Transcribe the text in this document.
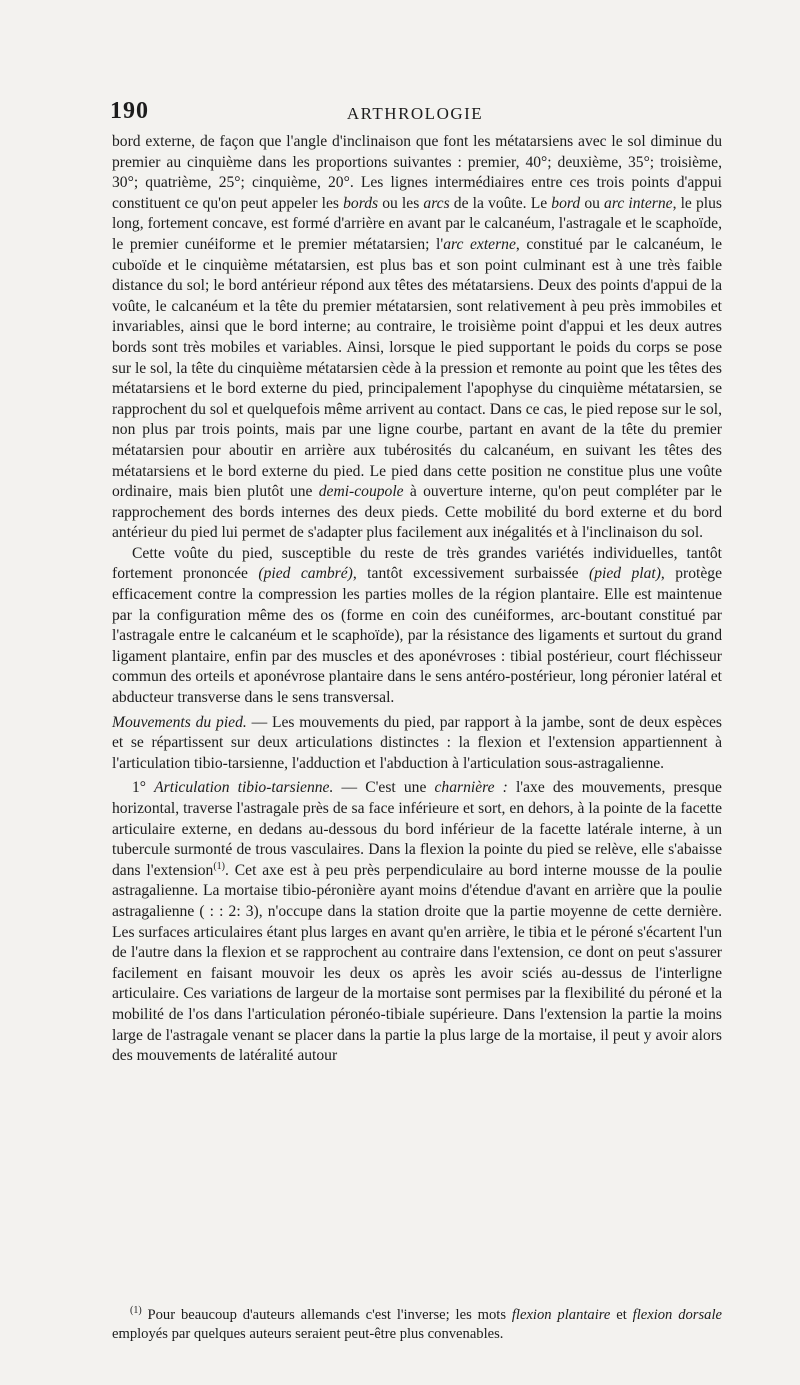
190	ARTHROLOGIE

bord externe, de façon que l'angle d'inclinaison que font les métatarsiens avec le sol diminue du premier au cinquième dans les proportions suivantes : premier, 40°; deuxième, 35°; troisième, 30°; quatrième, 25°; cinquième, 20°. Les lignes intermédiaires entre ces trois points d'appui constituent ce qu'on peut appeler les bords ou les arcs de la voûte. Le bord ou arc interne, le plus long, fortement concave, est formé d'arrière en avant par le calcanéum, l'astragale et le scaphoïde, le premier cunéiforme et le premier métatarsien; l'arc externe, constitué par le calcanéum, le cuboïde et le cinquième métatarsien, est plus bas et son point culminant est à une très faible distance du sol; le bord antérieur répond aux têtes des métatarsiens. Deux des points d'appui de la voûte, le calcanéum et la tête du premier métatarsien, sont relativement à peu près immobiles et invariables, ainsi que le bord interne; au contraire, le troisième point d'appui et les deux autres bords sont très mobiles et variables. Ainsi, lorsque le pied supportant le poids du corps se pose sur le sol, la tête du cinquième métatarsien cède à la pression et remonte au point que les têtes des métatarsiens et le bord externe du pied, principalement l'apophyse du cinquième métatarsien, se rapprochent du sol et quelquefois même arrivent au contact. Dans ce cas, le pied repose sur le sol, non plus par trois points, mais par une ligne courbe, partant en avant de la tête du premier métatarsien pour aboutir en arrière aux tubérosités du calcanéum, en suivant les têtes des métatarsiens et le bord externe du pied. Le pied dans cette position ne constitue plus une voûte ordinaire, mais bien plutôt une demi-coupole à ouverture interne, qu'on peut compléter par le rapprochement des bords internes des deux pieds. Cette mobilité du bord externe et du bord antérieur du pied lui permet de s'adapter plus facilement aux inégalités et à l'inclinaison du sol.

Cette voûte du pied, susceptible du reste de très grandes variétés individuelles, tantôt fortement prononcée (pied cambré), tantôt excessivement surbaissée (pied plat), protège efficacement contre la compression les parties molles de la région plantaire. Elle est maintenue par la configuration même des os (forme en coin des cunéiformes, arc-boutant constitué par l'astragale entre le calcanéum et le scaphoïde), par la résistance des ligaments et surtout du grand ligament plantaire, enfin par des muscles et des aponévroses : tibial postérieur, court fléchisseur commun des orteils et aponévrose plantaire dans le sens antéro-postérieur, long péronier latéral et abducteur transverse dans le sens transversal.

Mouvements du pied. — Les mouvements du pied, par rapport à la jambe, sont de deux espèces et se répartissent sur deux articulations distinctes : la flexion et l'extension appartiennent à l'articulation tibio-tarsienne, l'adduction et l'abduction à l'articulation sous-astragalienne.

1° Articulation tibio-tarsienne. — C'est une charnière : l'axe des mouvements, presque horizontal, traverse l'astragale près de sa face inférieure et sort, en dehors, à la pointe de la facette articulaire externe, en dedans au-dessous du bord inférieur de la facette latérale interne, à un tubercule surmonté de trous vasculaires. Dans la flexion la pointe du pied se relève, elle s'abaisse dans l'extension$^{(1)}$. Cet axe est à peu près perpendiculaire au bord interne mousse de la poulie astragalienne. La mortaise tibio-péronière ayant moins d'étendue d'avant en arrière que la poulie astragalienne ( : : 2: 3), n'occupe dans la station droite que la partie moyenne de cette dernière. Les surfaces articulaires étant plus larges en avant qu'en arrière, le tibia et le péroné s'écartent l'un de l'autre dans la flexion et se rapprochent au contraire dans l'extension, ce dont on peut s'assurer facilement en faisant mouvoir les deux os après les avoir sciés au-dessus de l'interligne articulaire. Ces variations de largeur de la mortaise sont permises par la flexibilité du péroné et la mobilité de l'os dans l'articulation péronéo-tibiale supérieure. Dans l'extension la partie la moins large de l'astragale venant se placer dans la partie la plus large de la mortaise, il peut y avoir alors des mouvements de latéralité autour

$^{(1)}$ Pour beaucoup d'auteurs allemands c'est l'inverse; les mots flexion plantaire et flexion dorsale employés par quelques auteurs seraient peut-être plus convenables.
